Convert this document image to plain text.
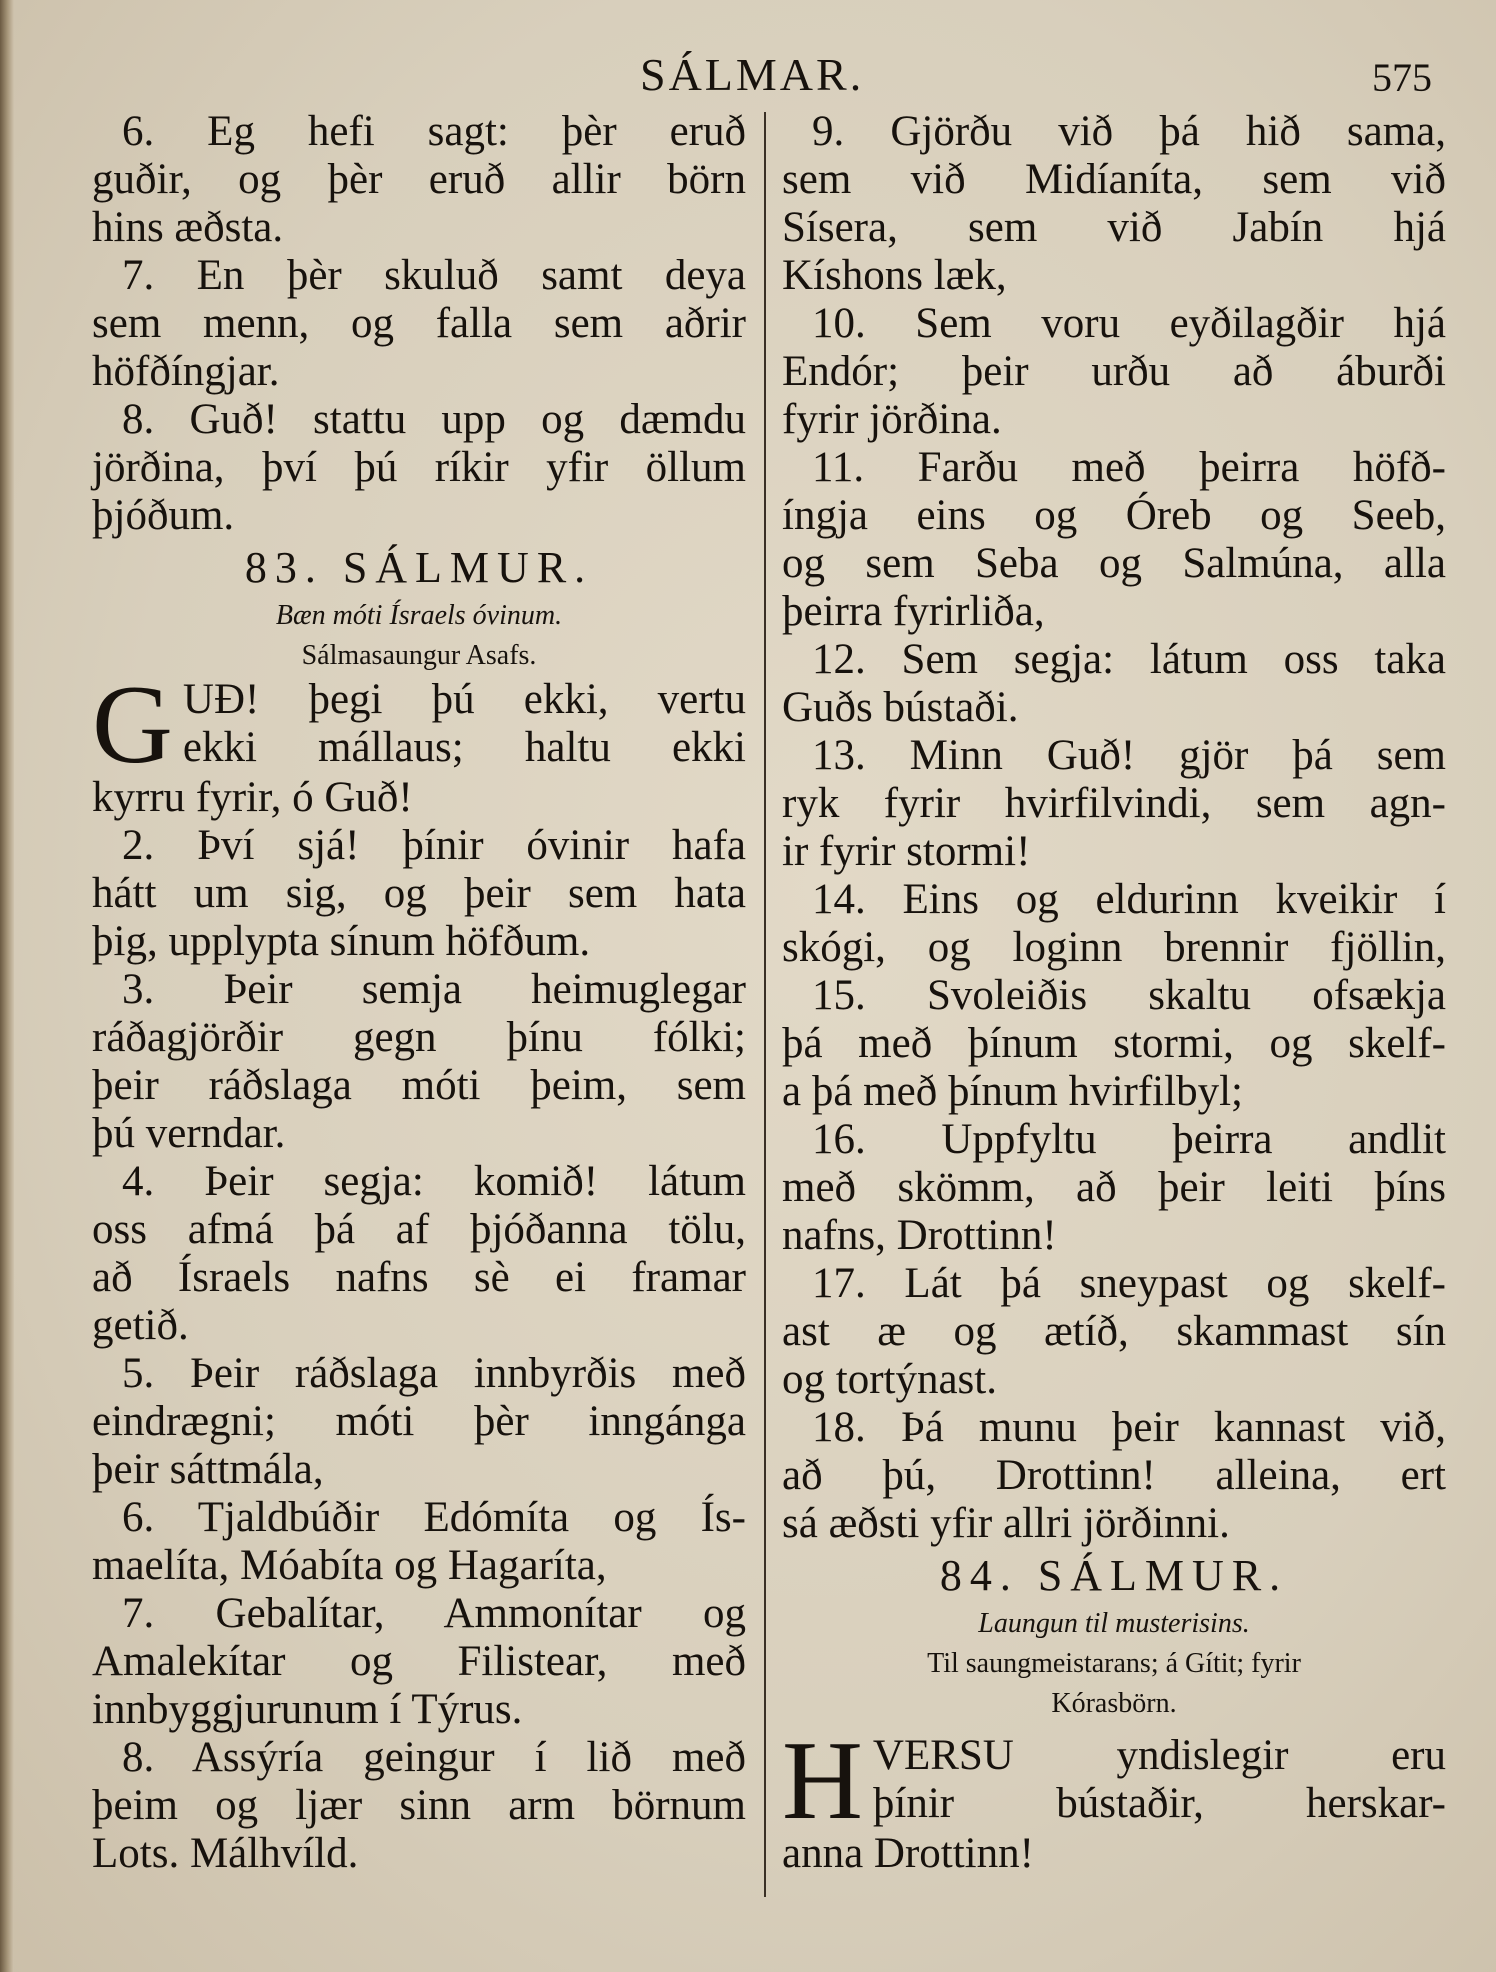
SÁLMAR.	575
6. Eg hefi sagt: þèr eruð
guðir, og þèr eruð allir börn
hins æðsta.
7. En þèr skuluð samt deya
sem menn, og falla sem aðrir
höfðíngjar.
8. Guð! stattu upp og dæmdu
jörðina, því þú ríkir yfir öllum
þjóðum.
83. SÁLMUR.
Bæn móti Ísraels óvinum.
Sálmasaungur Asafs.
G UÐ! þegi þú ekki, vertu
ekki mállaus; haltu ekki
kyrru fyrir, ó Guð!
2. Því sjá! þínir óvinir hafa
hátt um sig, og þeir sem hata
þig, upplypta sínum höfðum.
3. Þeir semja heimuglegar
ráðagjörðir gegn þínu fólki;
þeir ráðslaga móti þeim, sem
þú verndar.
4. Þeir segja: komið! látum
oss afmá þá af þjóðanna tölu,
að Ísraels nafns sè ei framar
getið.
5. Þeir ráðslaga innbyrðis með
eindrægni; móti þèr inngánga
þeir sáttmála,
6. Tjaldbúðir Edómíta og Ís-
maelíta, Móabíta og Hagaríta,
7. Gebalítar, Ammonítar og
Amalekítar og Filistear, með
innbyggjurunum í Týrus.
8. Assýría geingur í lið með
þeim og ljær sinn arm börnum
Lots. Málhvíld.
9. Gjörðu við þá hið sama,
sem við Midíaníta, sem við
Sísera, sem við Jabín hjá
Kíshons læk,
10. Sem voru eyðilagðir hjá
Endór; þeir urðu að áburði
fyrir jörðina.
11. Farðu með þeirra höfð-
íngja eins og Óreb og Seeb,
og sem Seba og Salmúna, alla
þeirra fyrirliða,
12. Sem segja: látum oss taka
Guðs bústaði.
13. Minn Guð! gjör þá sem
ryk fyrir hvirfilvindi, sem agn-
ir fyrir stormi!
14. Eins og eldurinn kveikir í
skógi, og loginn brennir fjöllin,
15. Svoleiðis skaltu ofsækja
þá með þínum stormi, og skelf-
a þá með þínum hvirfilbyl;
16. Uppfyltu þeirra andlit
með skömm, að þeir leiti þíns
nafns, Drottinn!
17. Lát þá sneypast og skelf-
ast æ og ætíð, skammast sín
og tortýnast.
18. Þá munu þeir kannast við,
að þú, Drottinn! alleina, ert
sá æðsti yfir allri jörðinni.
84. SÁLMUR.
Laungun til musterisins.
Til saungmeistarans; á Gítit; fyrir
Kórasbörn.
H VERSU yndislegir eru
þínir bústaðir, herskar-
anna Drottinn!
